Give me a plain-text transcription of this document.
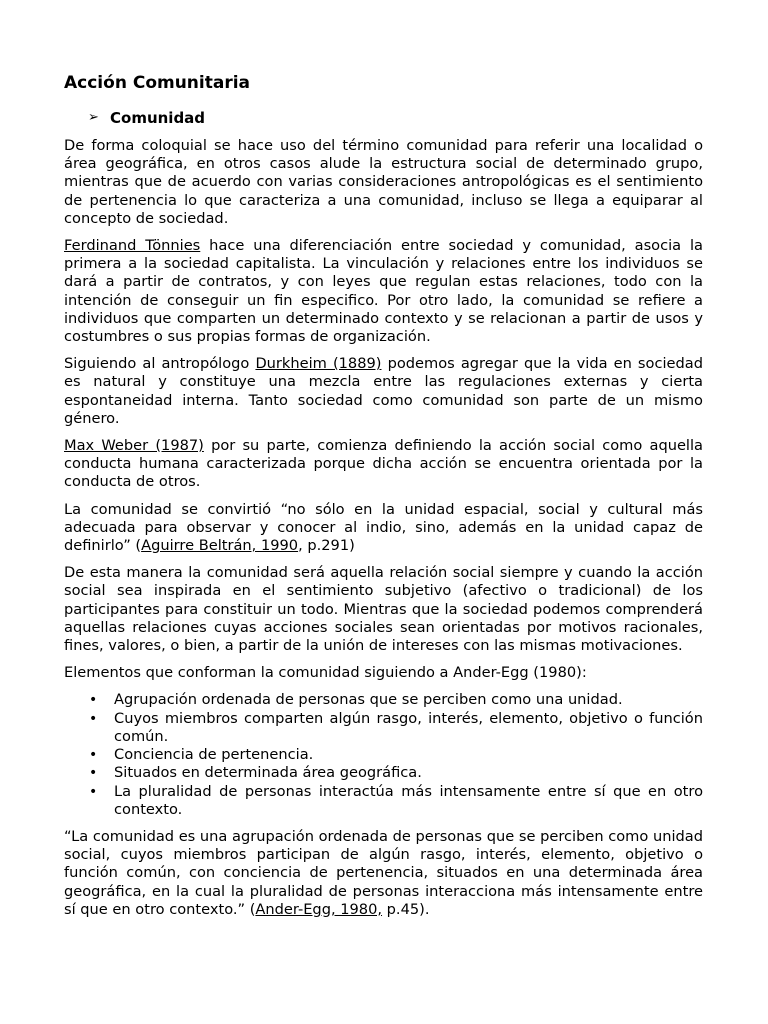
Acción Comunitaria
➢ Comunidad

De forma coloquial se hace uso del término comunidad para referir una localidad o área geográfica, en otros casos alude la estructura social de determinado grupo, mientras que de acuerdo con varias consideraciones antropológicas es el sentimiento de pertenencia lo que caracteriza a una comunidad, incluso se llega a equiparar al concepto de sociedad.

Ferdinand Tönnies hace una diferenciación entre sociedad y comunidad, asocia la primera a la sociedad capitalista. La vinculación y relaciones entre los individuos se dará a partir de contratos, y con leyes que regulan estas relaciones, todo con la intención de conseguir un fin especifico. Por otro lado, la comunidad se refiere a individuos que comparten un determinado contexto y se relacionan a partir de usos y costumbres o sus propias formas de organización.

Siguiendo al antropólogo Durkheim (1889) podemos agregar que la vida en sociedad es natural y constituye una mezcla entre las regulaciones externas y cierta espontaneidad interna. Tanto sociedad como comunidad son parte de un mismo género.

Max Weber (1987) por su parte, comienza definiendo la acción social como aquella conducta humana caracterizada porque dicha acción se encuentra orientada por la conducta de otros.

La comunidad se convirtió “no sólo en la unidad espacial, social y cultural más adecuada para observar y conocer al indio, sino, además en la unidad capaz de definirlo” (Aguirre Beltrán, 1990, p.291)

De esta manera la comunidad será aquella relación social siempre y cuando la acción social sea inspirada en el sentimiento subjetivo (afectivo o tradicional) de los participantes para constituir un todo. Mientras que la sociedad podemos comprenderá aquellas relaciones cuyas acciones sociales sean orientadas por motivos racionales, fines, valores, o bien, a partir de la unión de intereses con las mismas motivaciones.

Elementos que conforman la comunidad siguiendo a Ander-Egg (1980):

• Agrupación ordenada de personas que se perciben como una unidad.
• Cuyos miembros comparten algún rasgo, interés, elemento, objetivo o función común.
• Conciencia de pertenencia.
• Situados en determinada área geográfica.
• La pluralidad de personas interactúa más intensamente entre sí que en otro contexto.

“La comunidad es una agrupación ordenada de personas que se perciben como unidad social, cuyos miembros participan de algún rasgo, interés, elemento, objetivo o función común, con conciencia de pertenencia, situados en una determinada área geográfica, en la cual la pluralidad de personas interacciona más intensamente entre sí que en otro contexto.” (Ander-Egg, 1980, p.45).
